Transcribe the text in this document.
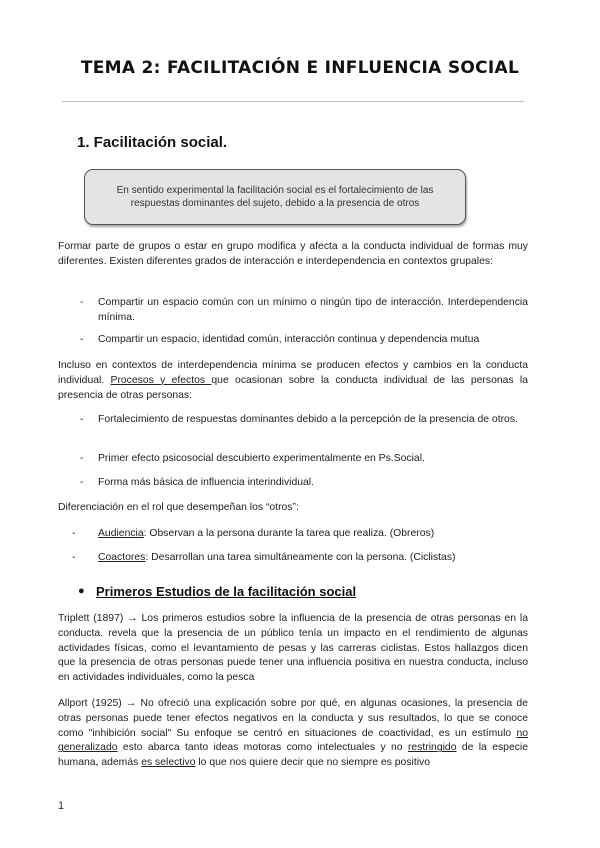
TEMA 2: FACILITACIÓN E INFLUENCIA SOCIAL
1. Facilitación social.
En sentido experimental la facilitación social es el fortalecimiento de las respuestas dominantes del sujeto, debido a la presencia de otros
Formar parte de grupos o estar en grupo modifica y afecta a la conducta individual de formas muy diferentes. Existen diferentes grados de interacción e interdependencia en contextos grupales:
- Compartir un espacio común con un mínimo o ningún tipo de interacción. Interdependencia mínima.
- Compartir un espacio, identidad común, interacción continua y dependencia mutua
Incluso en contextos de interdependencia mínima se producen efectos y cambios en la conducta individual. Procesos y efectos que ocasionan sobre la conducta individual de las personas la presencia de otras personas:
- Fortalecimiento de respuestas dominantes debido a la percepción de la presencia de otros.
- Primer efecto psicosocial descubierto experimentalmente en Ps.Social.
- Forma más básica de influencia interindividual.
Diferenciación en el rol que desempeñan los “otros”:
- Audiencia: Observan a la persona durante la tarea que realiza. (Obreros)
- Coactores: Desarrollan una tarea simultáneamente con la persona. (Ciclistas)
● Primeros Estudios de la facilitación social
Triplett (1897) → Los primeros estudios sobre la influencia de la presencia de otras personas en la conducta. revela que la presencia de un público tenía un impacto en el rendimiento de algunas actividades físicas, como el levantamiento de pesas y las carreras ciclistas. Estos hallazgos dicen que la presencia de otras personas puede tener una influencia positiva en nuestra conducta, incluso en actividades individuales, como la pesca
Allport (1925) → No ofreció una explicación sobre por qué, en algunas ocasiones, la presencia de otras personas puede tener efectos negativos en la conducta y sus resultados, lo que se conoce como "inhibición social" Su enfoque se centró en situaciones de coactividad, es un estímulo no generalizado esto abarca tanto ideas motoras como intelectuales y no restringido de la especie humana, además es selectivo lo que nos quiere decir que no siempre es positivo
1
